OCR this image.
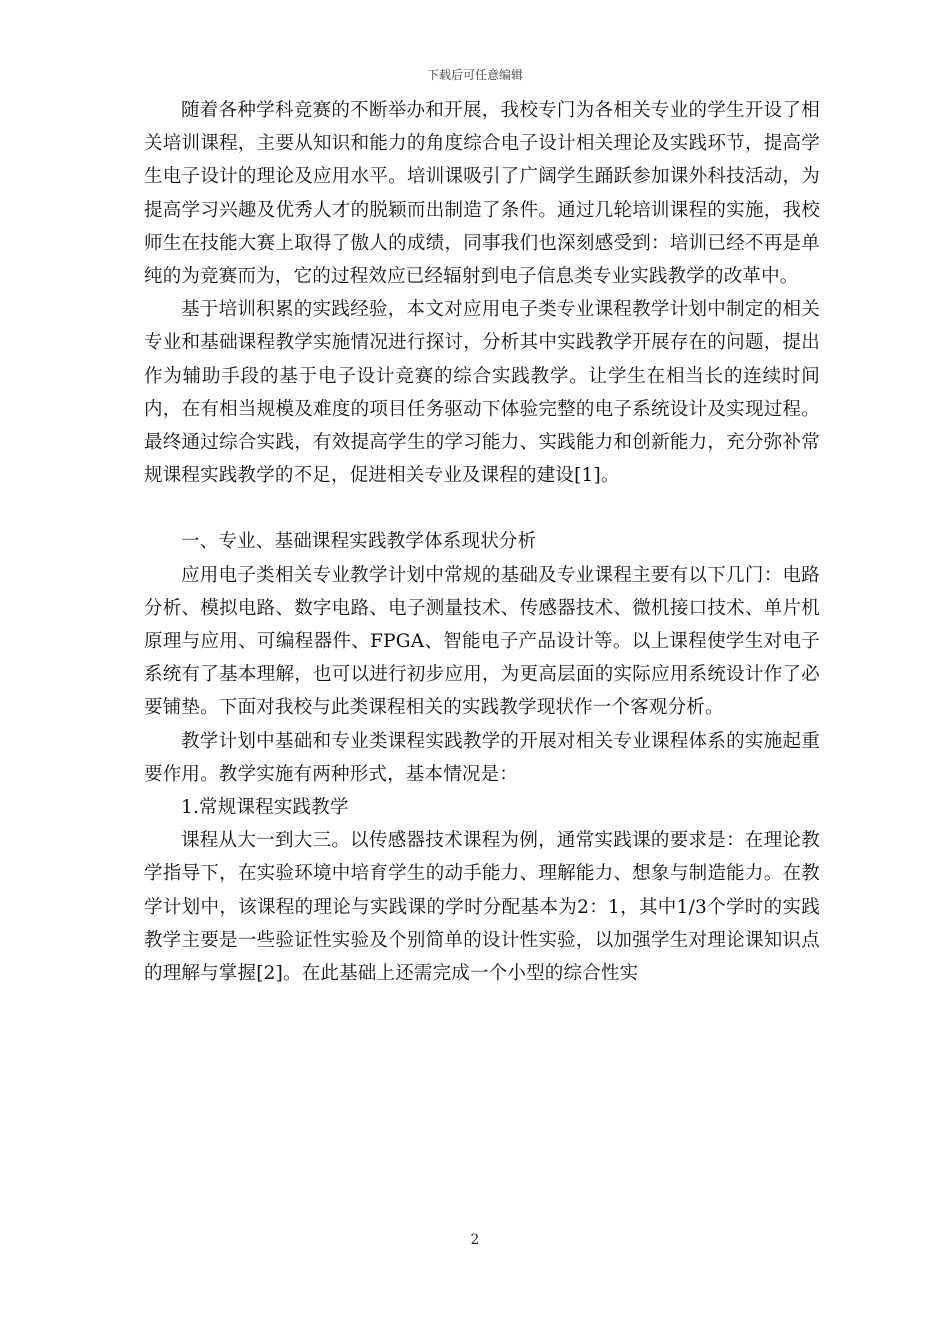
下载后可任意编辑

随着各种学科竞赛的不断举办和开展，我校专门为各相关专业的学生开设了相关培训课程，主要从知识和能力的角度综合电子设计相关理论及实践环节，提高学生电子设计的理论及应用水平。培训课吸引了广阔学生踊跃参加课外科技活动，为提高学习兴趣及优秀人才的脱颖而出制造了条件。通过几轮培训课程的实施，我校师生在技能大赛上取得了傲人的成绩，同事我们也深刻感受到：培训已经不再是单纯的为竞赛而为，它的过程效应已经辐射到电子信息类专业实践教学的改革中。

基于培训积累的实践经验，本文对应用电子类专业课程教学计划中制定的相关专业和基础课程教学实施情况进行探讨，分析其中实践教学开展存在的问题，提出作为辅助手段的基于电子设计竞赛的综合实践教学。让学生在相当长的连续时间内，在有相当规模及难度的项目任务驱动下体验完整的电子系统设计及实现过程。最终通过综合实践，有效提高学生的学习能力、实践能力和创新能力，充分弥补常规课程实践教学的不足，促进相关专业及课程的建设[1]。

一、专业、基础课程实践教学体系现状分析

应用电子类相关专业教学计划中常规的基础及专业课程主要有以下几门：电路分析、模拟电路、数字电路、电子测量技术、传感器技术、微机接口技术、单片机原理与应用、可编程器件、FPGA、智能电子产品设计等。以上课程使学生对电子系统有了基本理解，也可以进行初步应用，为更高层面的实际应用系统设计作了必要铺垫。下面对我校与此类课程相关的实践教学现状作一个客观分析。

教学计划中基础和专业类课程实践教学的开展对相关专业课程体系的实施起重要作用。教学实施有两种形式，基本情况是：

1.常规课程实践教学

课程从大一到大三。以传感器技术课程为例，通常实践课的要求是：在理论教学指导下，在实验环境中培育学生的动手能力、理解能力、想象与制造能力。在教学计划中，该课程的理论与实践课的学时分配基本为2：1，其中1/3个学时的实践教学主要是一些验证性实验及个别简单的设计性实验，以加强学生对理论课知识点的理解与掌握[2]。在此基础上还需完成一个小型的综合性实

2
